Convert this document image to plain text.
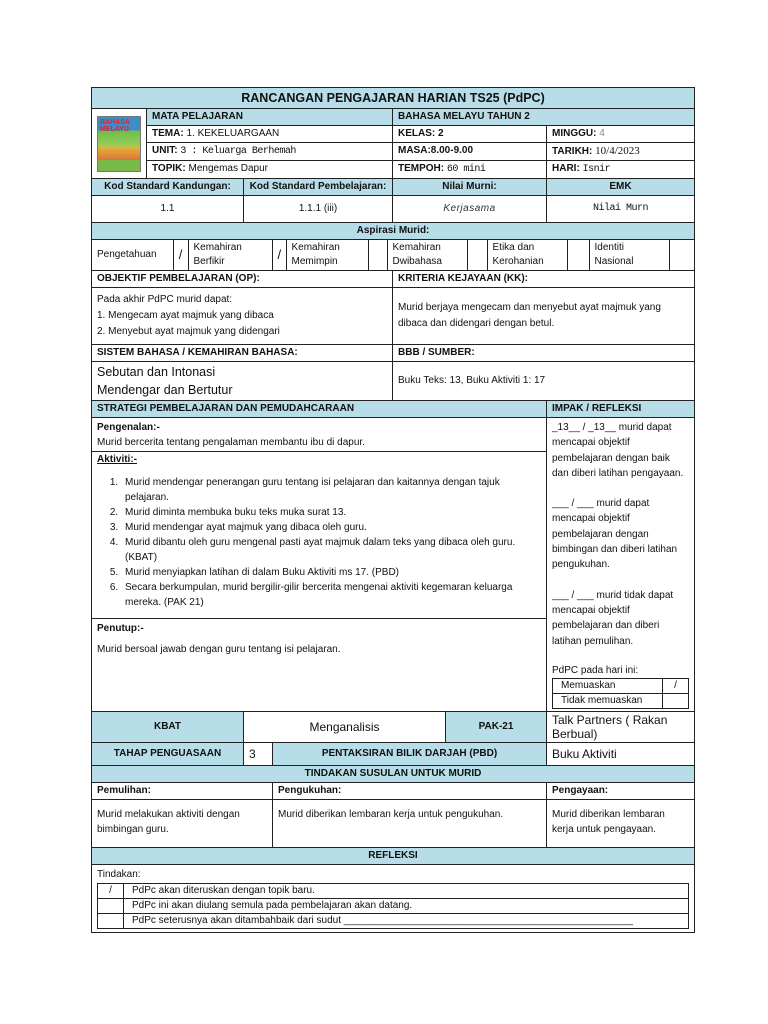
RANCANGAN PENGAJARAN HARIAN TS25 (PdPC)

BAHASA MELAYU
	MATA PELAJARAN	BAHASA MELAYU TAHUN 2
TEMA: 1. KEKELUARGAAN	KELAS: 2	MINGGU: 4
UNIT: 3 : Keluarga Berhemah	MASA:8.00-9.00	TARIKH: 10/4/2023
TOPIK: Mengemas Dapur	TEMPOH: 60 mini	HARI: Isnir
Kod Standard Kandungan:	Kod Standard Pembelajaran:	Nilai Murni:	EMK
1.1	1.1.1 (iii)	Kerjasama	Nilai Murn
Aspirasi Murid:

Pengetahuan	/	Kemahiran Berfikir	/	Kemahiran Memimpin		Kemahiran Dwibahasa		Etika dan Kerohanian		Identiti Nasional	

OBJEKTIF PEMBELAJARAN (OP):	KRITERIA KEJAYAAN (KK):

Pada akhir PdPC murid dapat:
1. Mengecam ayat majmuk yang dibaca
2. Menyebut ayat majmuk yang didengari
	Murid berjaya mengecam dan menyebut ayat majmuk yang dibaca dan didengari dengan betul.
SISTEM BAHASA / KEMAHIRAN BAHASA:	BBB / SUMBER:

Sebutan dan Intonasi
Mendengar dan Bertutur
	Buku Teks: 13, Buku Aktiviti 1: 17
STRATEGI PEMBELAJARAN DAN PEMUDAHCARAAN	IMPAK / REFLEKSI

Pengenalan:-
Murid bercerita tentang pengalaman membantu ibu di dapur.
Aktiviti:-
1. Murid mendengar penerangan guru tentang isi pelajaran dan kaitannya dengan tajuk pelajaran.
2. Murid diminta membuka buku teks muka surat 13.
3. Murid mendengar ayat majmuk yang dibaca oleh guru.
4. Murid dibantu oleh guru mengenal pasti ayat majmuk dalam teks yang dibaca oleh guru. (KBAT)
5. Murid menyiapkan latihan di dalam Buku Aktiviti ms 17. (PBD)
6. Secara berkumpulan, murid bergilir-gilir bercerita mengenai aktiviti kegemaran keluarga mereka. (PAK 21)
Penutup:-
Murid bersoal jawab dengan guru tentang isi pelajaran.

_13__ / _13__ murid dapat mencapai objektif pembelajaran dengan baik dan diberi latihan pengayaan.
___ / ___ murid dapat mencapai objektif pembelajaran dengan bimbingan dan diberi latihan pengukuhan.
___ / ___ murid tidak dapat mencapai objektif pembelajaran dan diberi latihan pemulihan.
PdPC pada hari ini:
Memuaskan	/
Tidak memuaskan	

KBAT	Menganalisis	PAK-21	Talk Partners ( Rakan Berbual)
TAHAP PENGUASAAN	3	PENTAKSIRAN BILIK DARJAH (PBD)	Buku Aktiviti
TINDAKAN SUSULAN UNTUK MURID
Pemulihan:	Pengukuhan:	Pengayaan:
Murid melakukan aktiviti dengan bimbingan guru.	Murid diberikan lembaran kerja untuk pengukuhan.	Murid diberikan lembaran kerja untuk pengayaan.
REFLEKSI

Tindakan:
/	PdPc akan diteruskan dengan topik baru.
	PdPc ini akan diulang semula pada pembelajaran akan datang.
	PdPc seterusnya akan ditambahbaik dari sudut ____________________________________________________
